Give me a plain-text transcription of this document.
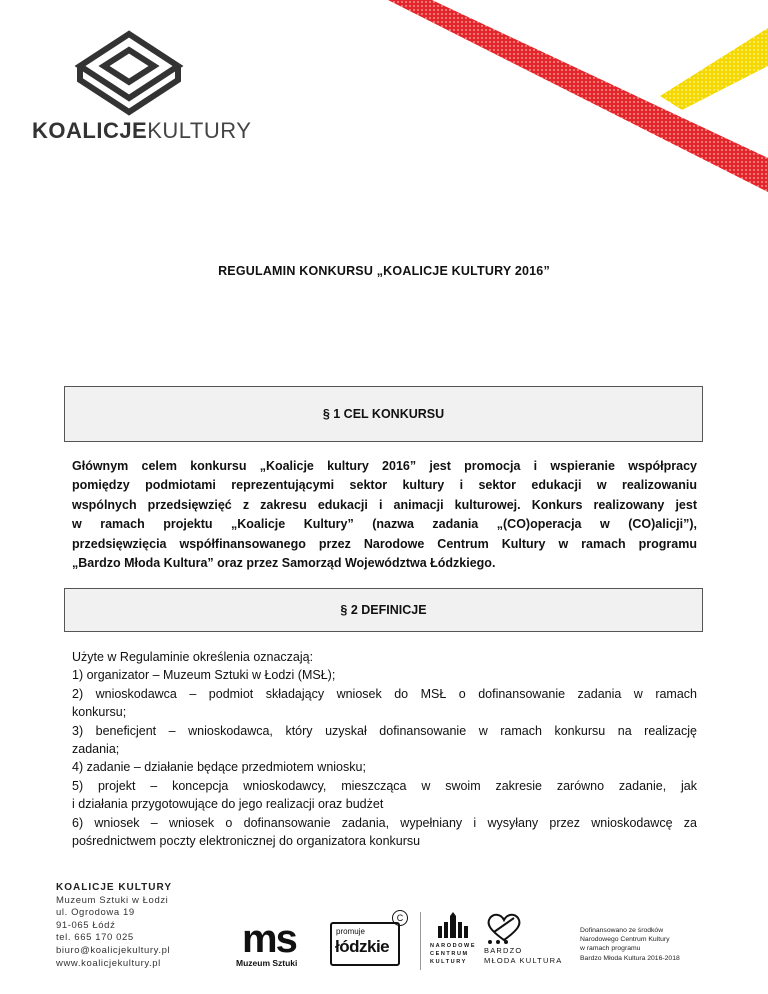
KOALICJEKULTURY
REGULAMIN KONKURSU „KOALICJE KULTURY 2016”
§ 1 CEL KONKURSU
Głównym celem konkursu „Koalicje kultury 2016” jest promocja i wspieranie współpracy
pomiędzy podmiotami reprezentującymi sektor kultury i sektor edukacji w realizowaniu
wspólnych przedsięwzięć z zakresu edukacji i animacji kulturowej. Konkurs realizowany jest
w ramach projektu „Koalicje Kultury” (nazwa zadania „(CO)operacja w (CO)alicji”),
przedsięwzięcia współfinansowanego przez Narodowe Centrum Kultury w ramach programu
„Bardzo Młoda Kultura” oraz przez Samorząd Województwa Łódzkiego.
§ 2 DEFINICJE
Użyte w Regulaminie określenia oznaczają:
1) organizator – Muzeum Sztuki w Łodzi (MSŁ);
2) wnioskodawca – podmiot składający wniosek do MSŁ o dofinansowanie zadania w ramach
konkursu;
3) beneficjent – wnioskodawca, który uzyskał dofinansowanie w ramach konkursu na realizację
zadania;
4) zadanie – działanie będące przedmiotem wniosku;
5) projekt – koncepcja wnioskodawcy, mieszcząca w swoim zakresie zarówno zadanie, jak
i działania przygotowujące do jego realizacji oraz budżet
6) wniosek – wniosek o dofinansowanie zadania, wypełniany i wysyłany przez wnioskodawcę za
pośrednictwem poczty elektronicznej do organizatora konkursu
KOALICJE KULTURY
Muzeum Sztuki w Łodzi
ul. Ogrodowa 19
91-065 Łódź
tel. 665 170 025
biuro@koalicjekultury.pl
www.koalicjekultury.pl
ms
Muzeum Sztuki
promuje
łódzkie
C
NARODOWE
CENTRUM
KULTURY
BARDZO
MŁODA KULTURA
Dofinansowano ze środków
Narodowego Centrum Kultury
w ramach programu
Bardzo Młoda Kultura 2016-2018
